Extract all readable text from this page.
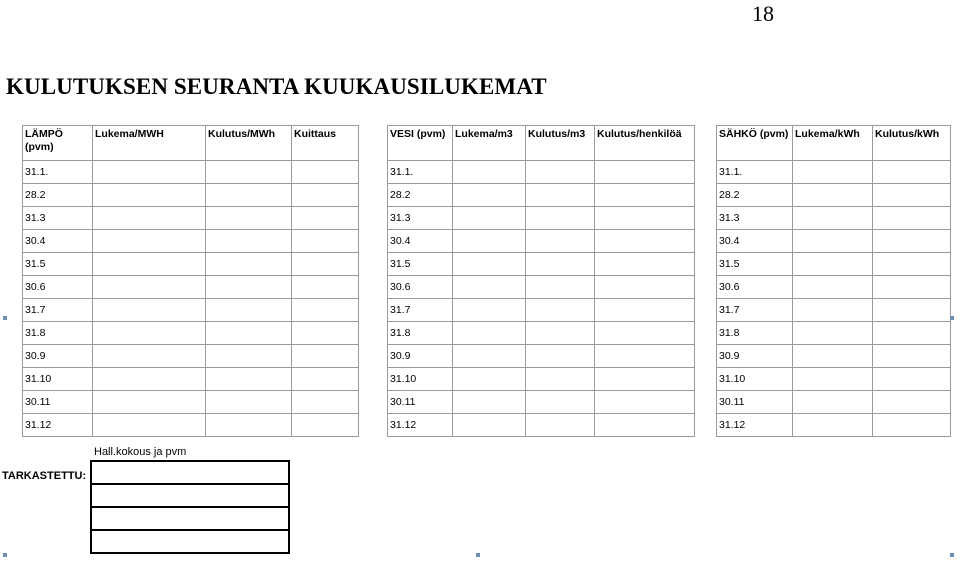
18
KULUTUKSEN SEURANTA KUUKAUSILUKEMAT
LÄMPÖ (pvm)	Lukema/MWH	Kulutus/MWh	Kuittaus
31.1.			
28.2			
31.3			
30.4			
31.5			
30.6			
31.7			
31.8			
30.9			
31.10			
30.11			
31.12			
VESI (pvm)	Lukema/m3	Kulutus/m3	Kulutus/henkilöä
31.1.			
28.2			
31.3			
30.4			
31.5			
30.6			
31.7			
31.8			
30.9			
31.10			
30.11			
31.12			
SÄHKÖ (pvm)	Lukema/kWh	Kulutus/kWh
31.1.		
28.2		
31.3		
30.4		
31.5		
30.6		
31.7		
31.8		
30.9		
31.10		
30.11		
31.12		
Hall.kokous ja pvm
TARKASTETTU:
